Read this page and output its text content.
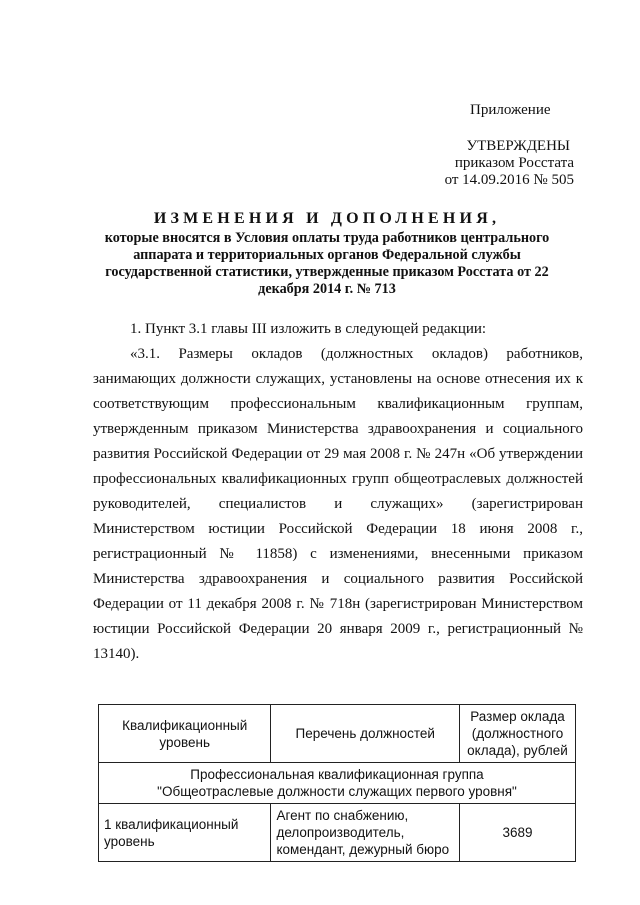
Приложение
УТВЕРЖДЕНЫ
приказом Росстата
от 14.09.2016 № 505
ИЗМЕНЕНИЯ И ДОПОЛНЕНИЯ,
которые вносятся в Условия оплаты труда работников центрального аппарата и территориальных органов Федеральной службы государственной статистики, утвержденные приказом Росстата от 22 декабря 2014 г. № 713

1. Пункт 3.1 главы III изложить в следующей редакции:

«3.1. Размеры окладов (должностных окладов) работников, занимающих должности служащих, установлены на основе отнесения их к соответствующим профессиональным квалификационным группам, утвержденным приказом Министерства здравоохранения и социального развития Российской Федерации от 29 мая 2008 г. № 247н «Об утверждении профессиональных квалификационных групп общеотраслевых должностей руководителей, специалистов и служащих» (зарегистрирован Министерством юстиции Российской Федерации 18 июня 2008 г., регистрационный № 11858) с изменениями, внесенными приказом Министерства здравоохранения и социального развития Российской Федерации от 11 декабря 2008 г. № 718н (зарегистрирован Министерством юстиции Российской Федерации 20 января 2009 г., регистрационный № 13140).

Квалификационный уровень	Перечень должностей	Размер оклада (должностного оклада), рублей

Профессиональная квалификационная группа
"Общеотраслевые должности служащих первого уровня"		

1 квалификационный уровень	Агент по снабжению, делопроизводитель, комендант, дежурный бюро	3689
